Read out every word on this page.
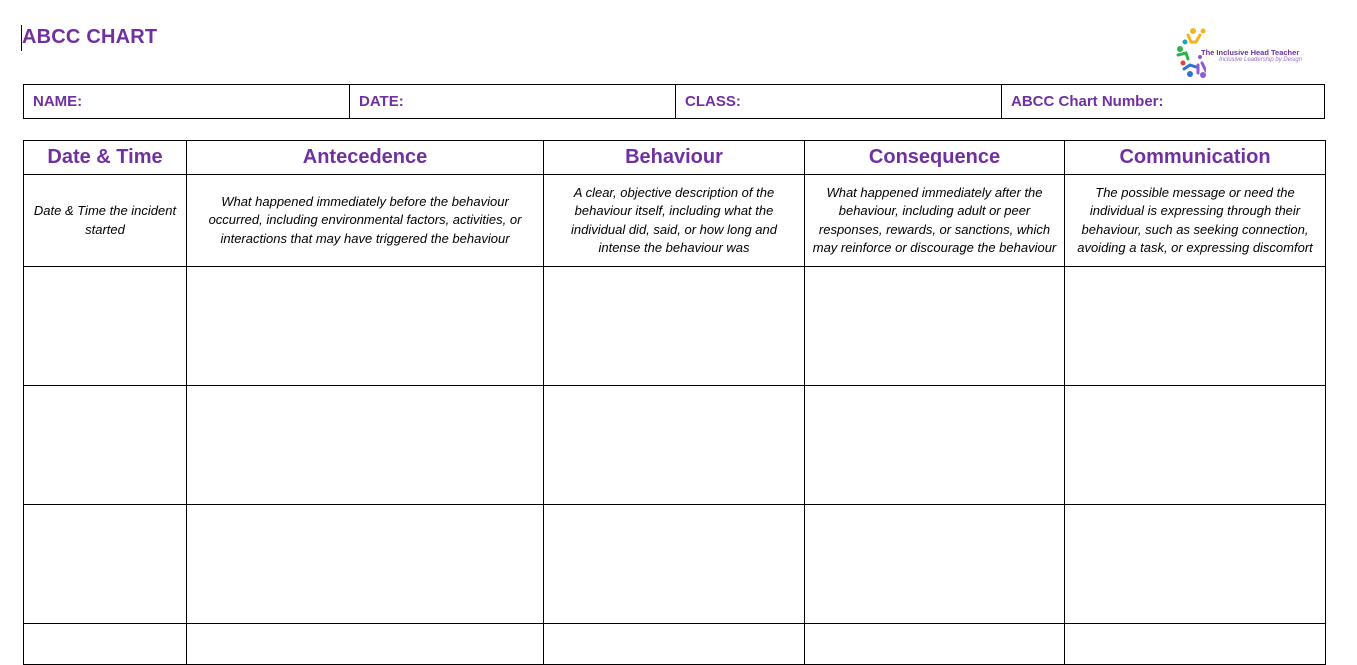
ABCC CHART
The Inclusive Head Teacher
Inclusive Leadership by Design
NAME:	DATE:	CLASS:	ABCC Chart Number:
Date & Time	Antecedence	Behaviour	Consequence	Communication
Date & Time the incident started	What happened immediately before the behaviour occurred, including environmental factors, activities, or interactions that may have triggered the behaviour	A clear, objective description of the behaviour itself, including what the individual did, said, or how long and intense the behaviour was	What happened immediately after the behaviour, including adult or peer responses, rewards, or sanctions, which may reinforce or discourage the behaviour	The possible message or need the individual is expressing through their behaviour, such as seeking connection, avoiding a task, or expressing discomfort
